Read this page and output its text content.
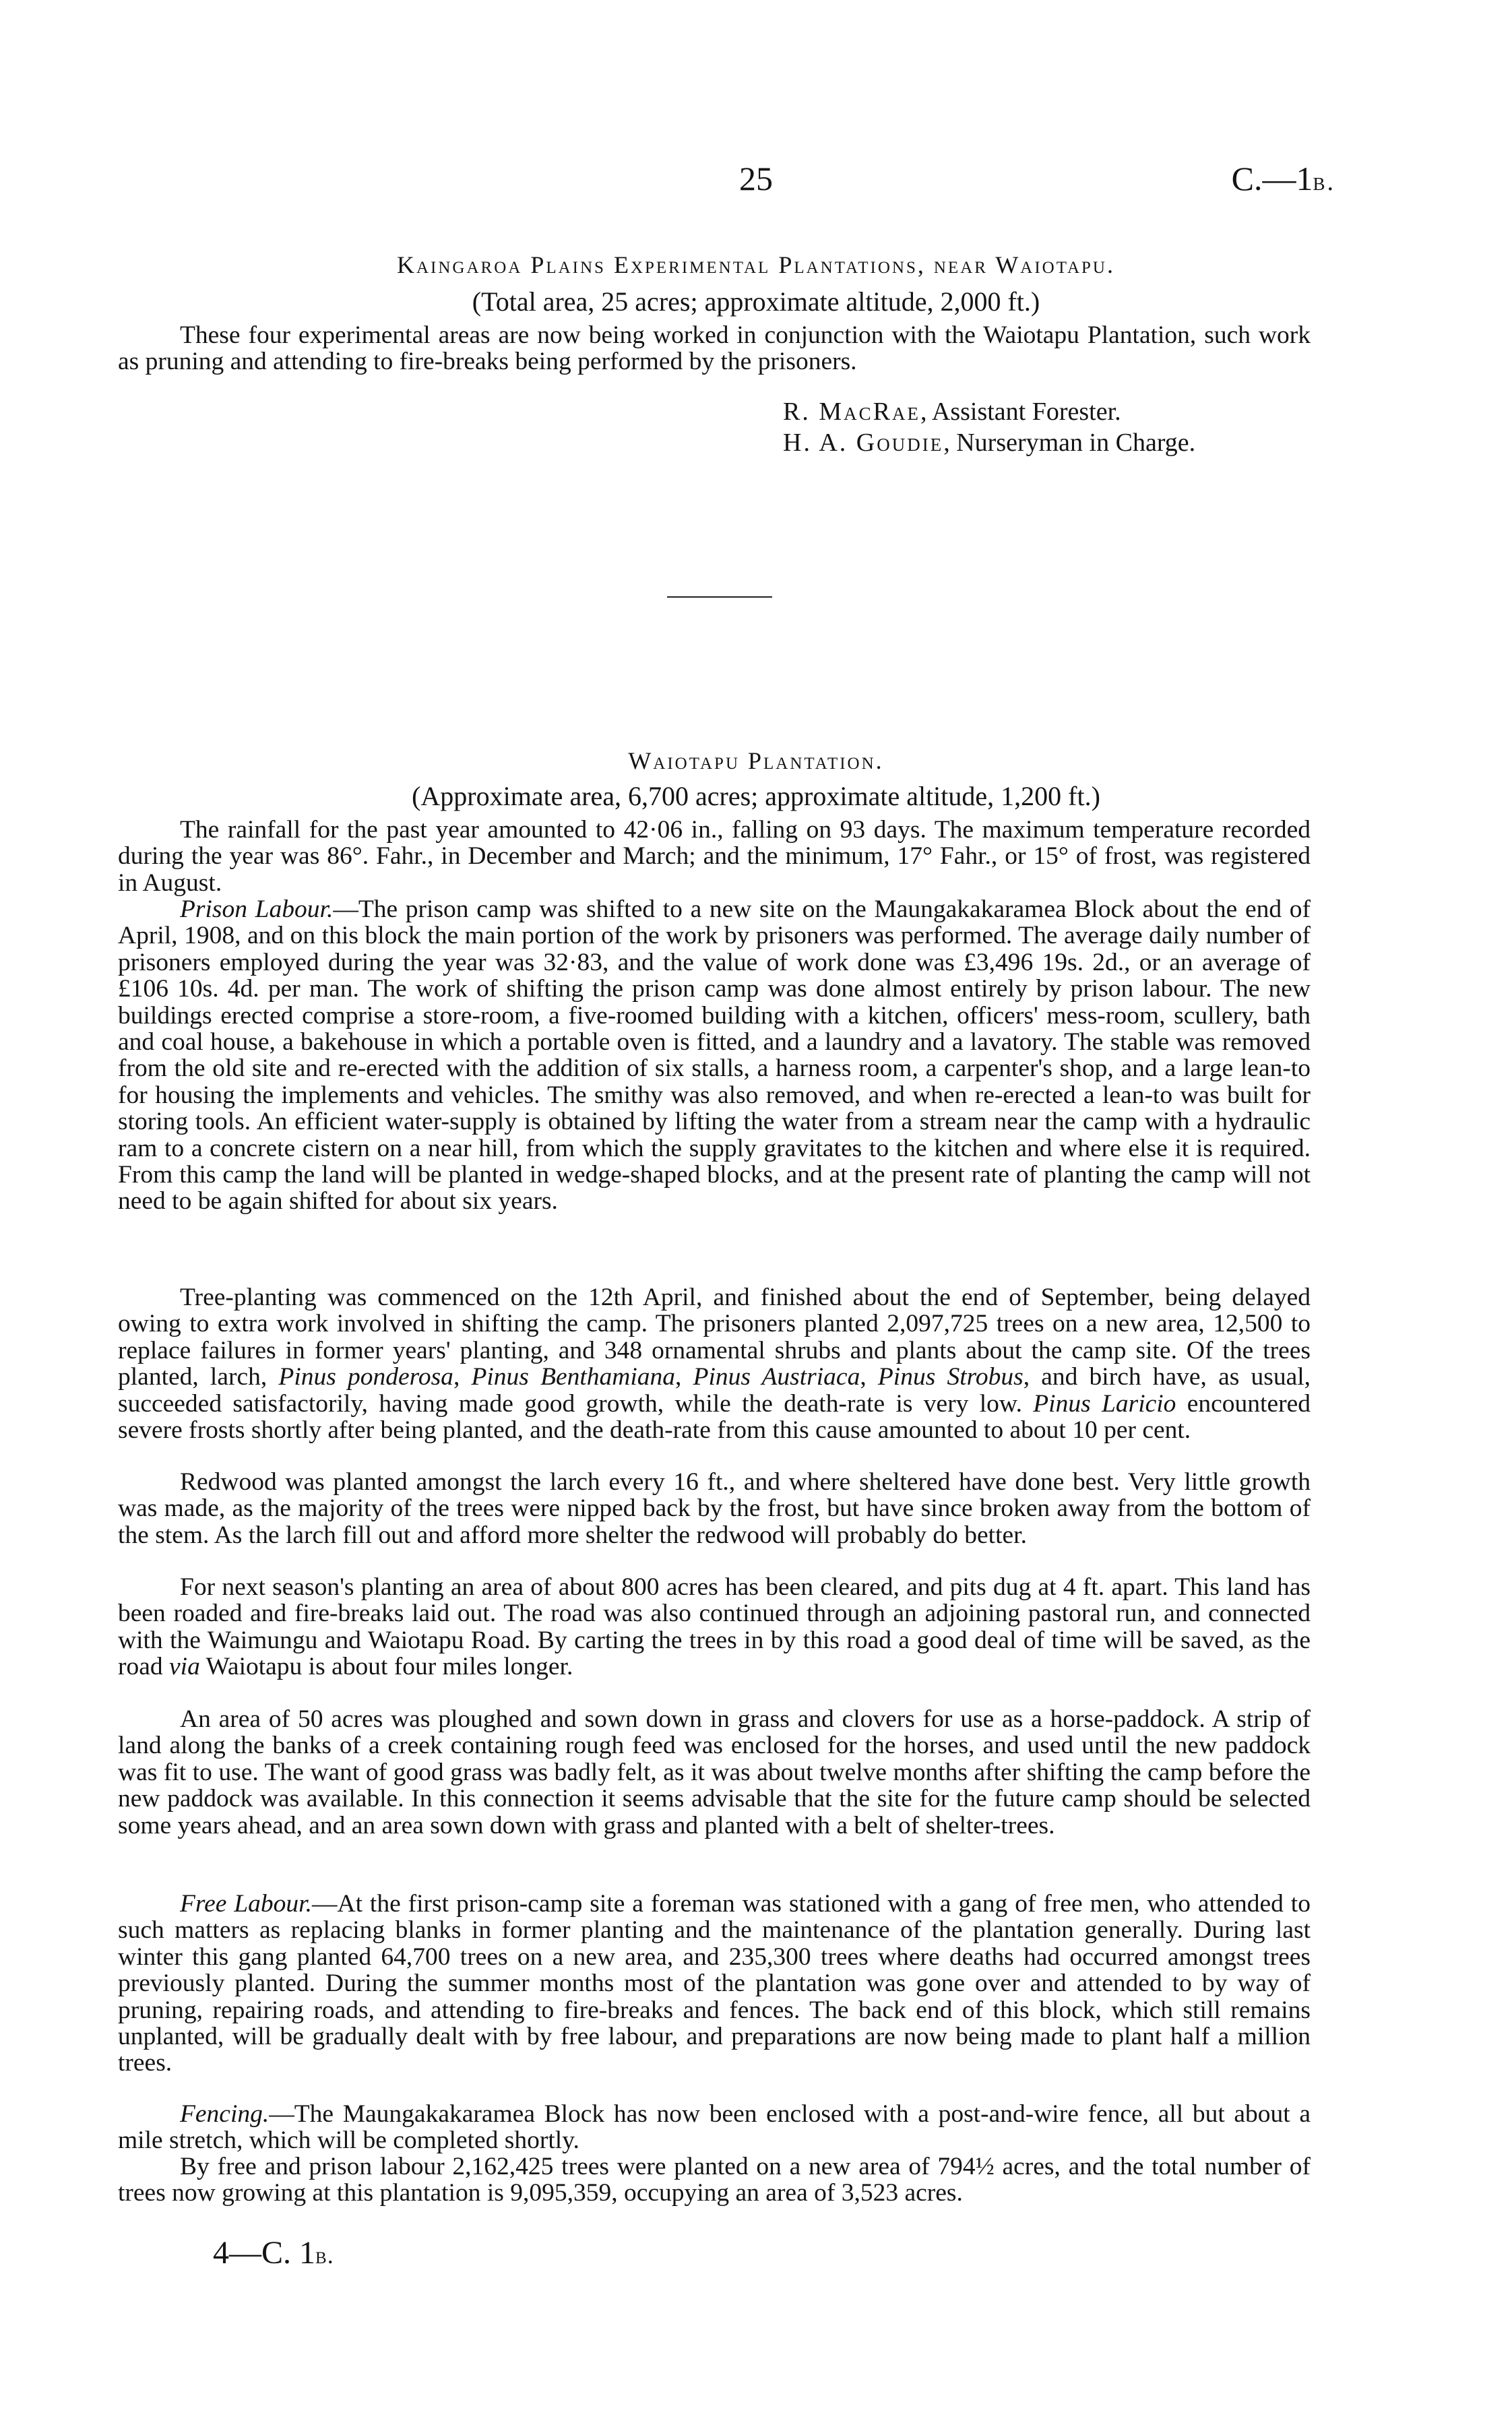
25	C.—1b.
Kaingaroa Plains Experimental Plantations, near Waiotapu.
(Total area, 25 acres; approximate altitude, 2,000 ft.)

These four experimental areas are now being worked in conjunction with the Waiotapu Plantation, such work as pruning and attending to fire-breaks being performed by the prisoners.

R. MacRae, Assistant Forester.
H. A. Goudie, Nurseryman in Charge.
Waiotapu Plantation.
(Approximate area, 6,700 acres; approximate altitude, 1,200 ft.)

The rainfall for the past year amounted to 42·06 in., falling on 93 days. The maximum temperature recorded during the year was 86°. Fahr., in December and March; and the minimum, 17° Fahr., or 15° of frost, was registered in August.

Prison Labour.—The prison camp was shifted to a new site on the Maungakakaramea Block about the end of April, 1908, and on this block the main portion of the work by prisoners was performed. The average daily number of prisoners employed during the year was 32·83, and the value of work done was £3,496 19s. 2d., or an average of £106 10s. 4d. per man. The work of shifting the prison camp was done almost entirely by prison labour. The new buildings erected comprise a store-room, a five-roomed building with a kitchen, officers' mess-room, scullery, bath and coal house, a bakehouse in which a portable oven is fitted, and a laundry and a lavatory. The stable was removed from the old site and re-erected with the addition of six stalls, a harness room, a carpenter's shop, and a large lean-to for housing the implements and vehicles. The smithy was also removed, and when re-erected a lean-to was built for storing tools. An efficient water-supply is obtained by lifting the water from a stream near the camp with a hydraulic ram to a concrete cistern on a near hill, from which the supply gravitates to the kitchen and where else it is required. From this camp the land will be planted in wedge-shaped blocks, and at the present rate of planting the camp will not need to be again shifted for about six years.

Tree-planting was commenced on the 12th April, and finished about the end of September, being delayed owing to extra work involved in shifting the camp. The prisoners planted 2,097,725 trees on a new area, 12,500 to replace failures in former years' planting, and 348 ornamental shrubs and plants about the camp site. Of the trees planted, larch, Pinus ponderosa, Pinus Benthamiana, Pinus Austriaca, Pinus Strobus, and birch have, as usual, succeeded satisfactorily, having made good growth, while the death-rate is very low. Pinus Laricio encountered severe frosts shortly after being planted, and the death-rate from this cause amounted to about 10 per cent.

Redwood was planted amongst the larch every 16 ft., and where sheltered have done best. Very little growth was made, as the majority of the trees were nipped back by the frost, but have since broken away from the bottom of the stem. As the larch fill out and afford more shelter the redwood will probably do better.

For next season's planting an area of about 800 acres has been cleared, and pits dug at 4 ft. apart. This land has been roaded and fire-breaks laid out. The road was also continued through an adjoining pastoral run, and connected with the Waimungu and Waiotapu Road. By carting the trees in by this road a good deal of time will be saved, as the road via Waiotapu is about four miles longer.

An area of 50 acres was ploughed and sown down in grass and clovers for use as a horse-paddock. A strip of land along the banks of a creek containing rough feed was enclosed for the horses, and used until the new paddock was fit to use. The want of good grass was badly felt, as it was about twelve months after shifting the camp before the new paddock was available. In this connection it seems advisable that the site for the future camp should be selected some years ahead, and an area sown down with grass and planted with a belt of shelter-trees.

Free Labour.—At the first prison-camp site a foreman was stationed with a gang of free men, who attended to such matters as replacing blanks in former planting and the maintenance of the plantation generally. During last winter this gang planted 64,700 trees on a new area, and 235,300 trees where deaths had occurred amongst trees previously planted. During the summer months most of the plantation was gone over and attended to by way of pruning, repairing roads, and attending to fire-breaks and fences. The back end of this block, which still remains unplanted, will be gradually dealt with by free labour, and preparations are now being made to plant half a million trees.

Fencing.—The Maungakakaramea Block has now been enclosed with a post-and-wire fence, all but about a mile stretch, which will be completed shortly.

By free and prison labour 2,162,425 trees were planted on a new area of 794½ acres, and the total number of trees now growing at this plantation is 9,095,359, occupying an area of 3,523 acres.

4—C. 1b.
